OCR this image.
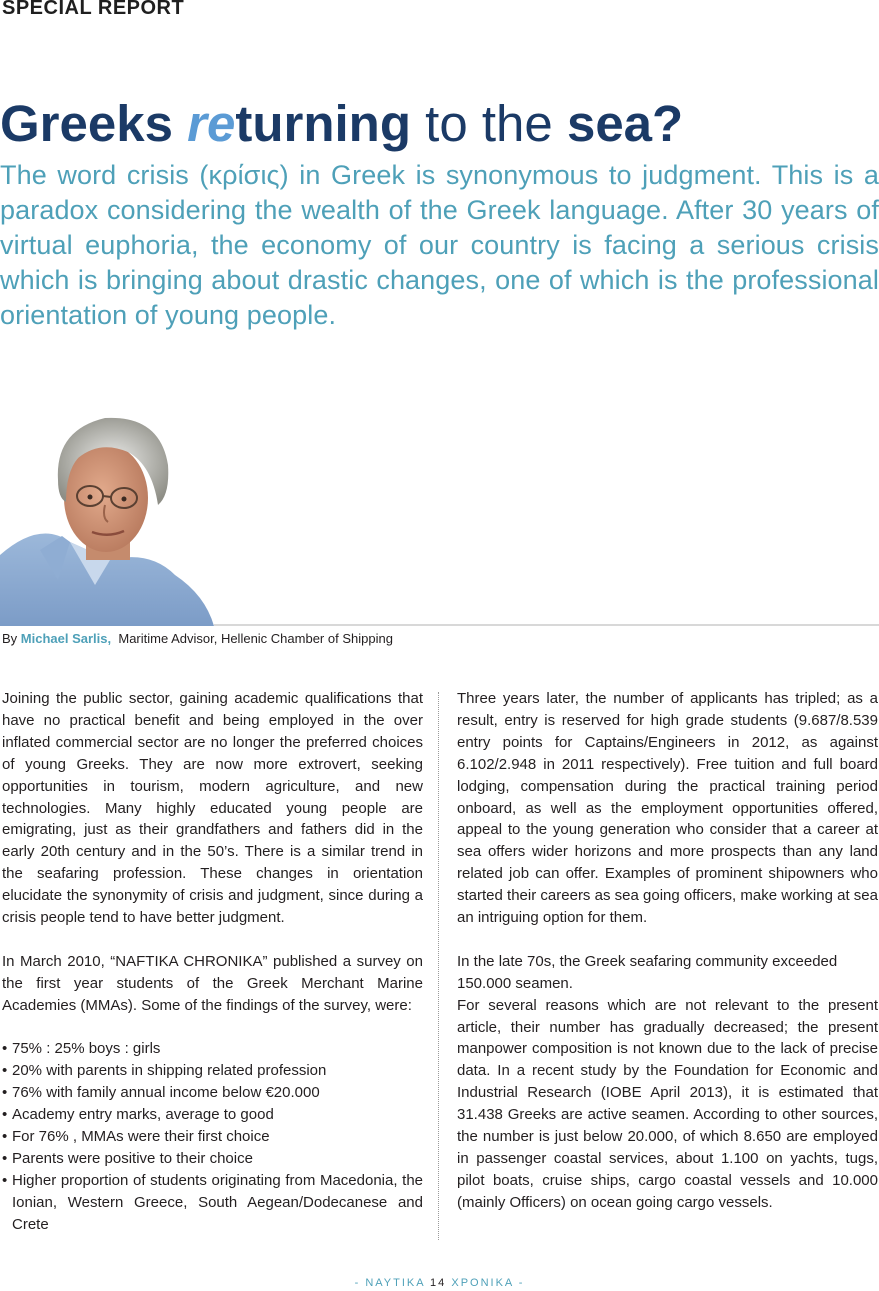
SPECIAL REPORT
Greeks returning to the sea?

The word crisis (κρίσις) in Greek is synonymous to judgment. This is a paradox considering the wealth of the Greek language. After 30 years of virtual euphoria, the economy of our country is facing a serious crisis which is bringing about drastic changes, one of which is the professional orientation of young people.

By Michael Sarlis, Maritime Advisor, Hellenic Chamber of Shipping

Joining the public sector, gaining academic qualifications that have no practical benefit and being employed in the over inflated commercial sector are no longer the preferred choices of young Greeks. They are now more extrovert, seeking opportunities in tourism, modern agriculture, and new technologies. Many highly educated young people are emigrating, just as their grandfathers and fathers did in the early 20th century and in the 50’s. There is a similar trend in the seafaring profession. These changes in orientation elucidate the synonymity of crisis and judgment, since during a crisis people tend to have better judgment.

In March 2010, “NAFTIKA CHRONIKA” published a survey on the first year students of the Greek Merchant Marine Academies (MMAs). Some of the findings of the survey, were:

• 75% : 25% boys : girls
• 20% with parents in shipping related profession
• 76% with family annual income below €20.000
• Academy entry marks, average to good
• For 76% , MMAs were their first choice
• Parents were positive to their choice
• Higher proportion of students originating from Macedonia, the Ionian, Western Greece, South Aegean/Dodecanese and Crete

Three years later, the number of applicants has tripled; as a result, entry is reserved for high grade students (9.687/8.539 entry points for Captains/Engineers in 2012, as against 6.102/2.948 in 2011 respectively). Free tuition and full board lodging, compensation during the practical training period onboard, as well as the employment opportunities offered, appeal to the young generation who consider that a career at sea offers wider horizons and more prospects than any land related job can offer. Examples of prominent shipowners who started their careers as sea going officers, make working at sea an intriguing option for them.

In the late 70s, the Greek seafaring community exceeded 150.000 seamen.

For several reasons which are not relevant to the present article, their number has gradually decreased; the present manpower composition is not known due to the lack of precise data. In a recent study by the Foundation for Economic and Industrial Research (IOBE April 2013), it is estimated that 31.438 Greeks are active seamen. According to other sources, the number is just below 20.000, of which 8.650 are employed in passenger coastal services, about 1.100 on yachts, tugs, pilot boats, cruise ships, cargo coastal vessels and 10.000 (mainly Officers) on ocean going cargo vessels.

- ΝΑΥΤΙΚΑ 14 ΧΡΟΝΙΚΑ -
